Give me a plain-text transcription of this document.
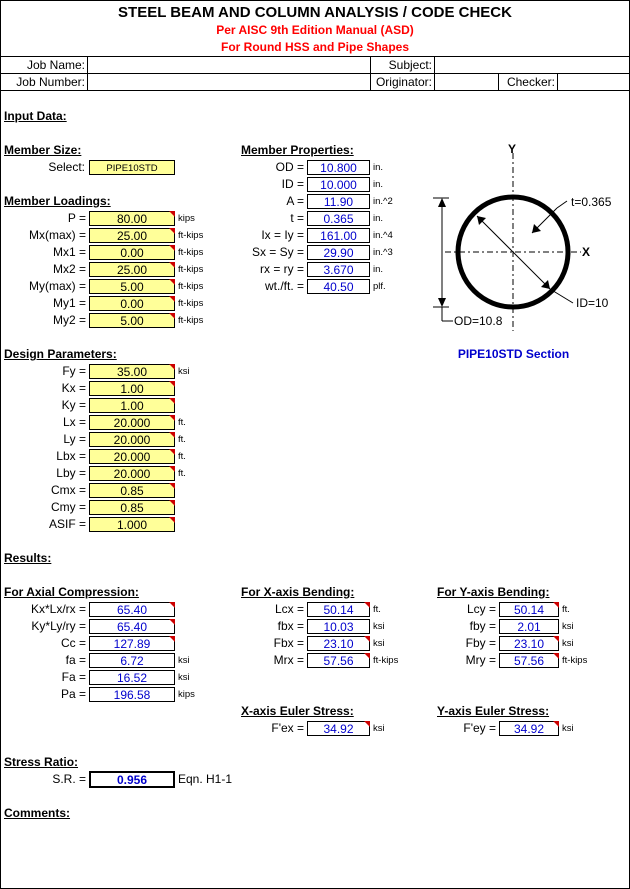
STEEL BEAM AND COLUMN ANALYSIS / CODE CHECK
Per AISC 9th Edition Manual (ASD)
For Round HSS and Pipe Shapes
Job Name:
Job Number:
Subject:
Originator:	Checker:
Input Data:
Member Size:
Select:	PIPE10STD
Member Loadings:
P =	80.00	kips
Mx(max) =	25.00	ft-kips
Mx1 =	0.00	ft-kips
Mx2 =	25.00	ft-kips
My(max) =	5.00	ft-kips
My1 =	0.00	ft-kips
My2 =	5.00	ft-kips
Member Properties:
OD =	10.800	in.
ID =	10.000	in.
A =	11.90	in.^2
t =	0.365	in.
Ix = Iy =	161.00	in.^4
Sx = Sy =	29.90	in.^3
rx = ry =	3.670	in.
wt./ft. =	40.50	plf.
Y
X
t=0.365
ID=10
OD=10.8
PIPE10STD Section
Design Parameters:
Fy =	35.00	ksi
Kx =	1.00
Ky =	1.00
Lx =	20.000	ft.
Ly =	20.000	ft.
Lbx =	20.000	ft.
Lby =	20.000	ft.
Cmx =	0.85
Cmy =	0.85
ASIF =	1.000
Results:
For Axial Compression:
Kx*Lx/rx =	65.40
Ky*Ly/ry =	65.40
Cc =	127.89
fa =	6.72	ksi
Fa =	16.52	ksi
Pa =	196.58	kips
For X-axis Bending:
Lcx =	50.14	ft.
fbx =	10.03	ksi
Fbx =	23.10	ksi
Mrx =	57.56	ft-kips
For Y-axis Bending:
Lcy =	50.14	ft.
fby =	2.01	ksi
Fby =	23.10	ksi
Mry =	57.56	ft-kips
X-axis Euler Stress:
F'ex =	34.92	ksi
Y-axis Euler Stress:
F'ey =	34.92	ksi
Stress Ratio:
S.R. =	0.956	Eqn. H1-1
Comments:
